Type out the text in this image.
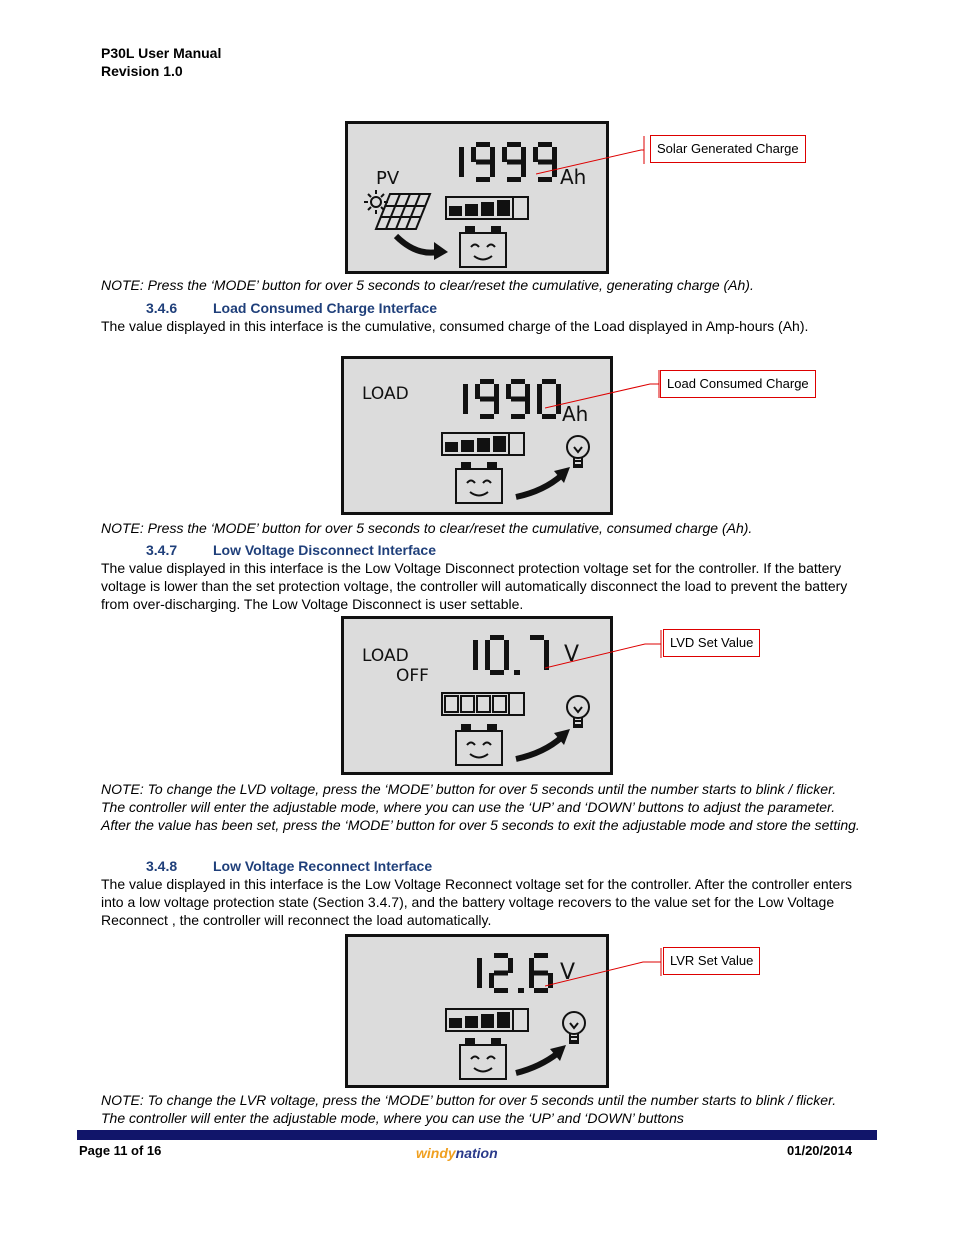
P30L User Manual
Revision 1.0
PV	Ah
Solar Generated Charge
NOTE: Press the ‘MODE’ button for over 5 seconds to clear/reset the cumulative, generating charge (Ah).
3.4.6	Load Consumed Charge Interface
The value displayed in this interface is the cumulative, consumed charge of the Load displayed in Amp-hours (Ah).
LOAD
Ah
Load Consumed Charge
NOTE: Press the ‘MODE’ button for over 5 seconds to clear/reset the cumulative, consumed charge (Ah).
3.4.7	Low Voltage Disconnect Interface
The value displayed in this interface is the Low Voltage Disconnect protection voltage set for the controller. If the battery voltage is lower than the set protection voltage, the controller will automatically disconnect the load to prevent the battery from over-discharging. The Low Voltage Disconnect is user settable.
LOAD
OFF
V	LVD Set Value
NOTE: To change the LVD voltage, press the ‘MODE’ button for over 5 seconds until the number starts to blink / flicker. The controller will enter the adjustable mode, where you can use the ‘UP’ and ‘DOWN’ buttons to adjust the parameter. After the value has been set, press the ‘MODE’ button for over 5 seconds to exit the adjustable mode and store the setting.
3.4.8	Low Voltage Reconnect Interface
The value displayed in this interface is the Low Voltage Reconnect voltage set for the controller. After the controller enters into a low voltage protection state (Section 3.4.7), and the battery voltage recovers to the value set for the Low Voltage Reconnect , the controller will reconnect the load automatically.
V	LVR Set Value
NOTE: To change the LVR voltage, press the ‘MODE’ button for over 5 seconds until the number starts to blink / flicker. The controller will enter the adjustable mode, where you can use the ‘UP’ and ‘DOWN’ buttons
Page 11 of 16	windynation	01/20/2014
